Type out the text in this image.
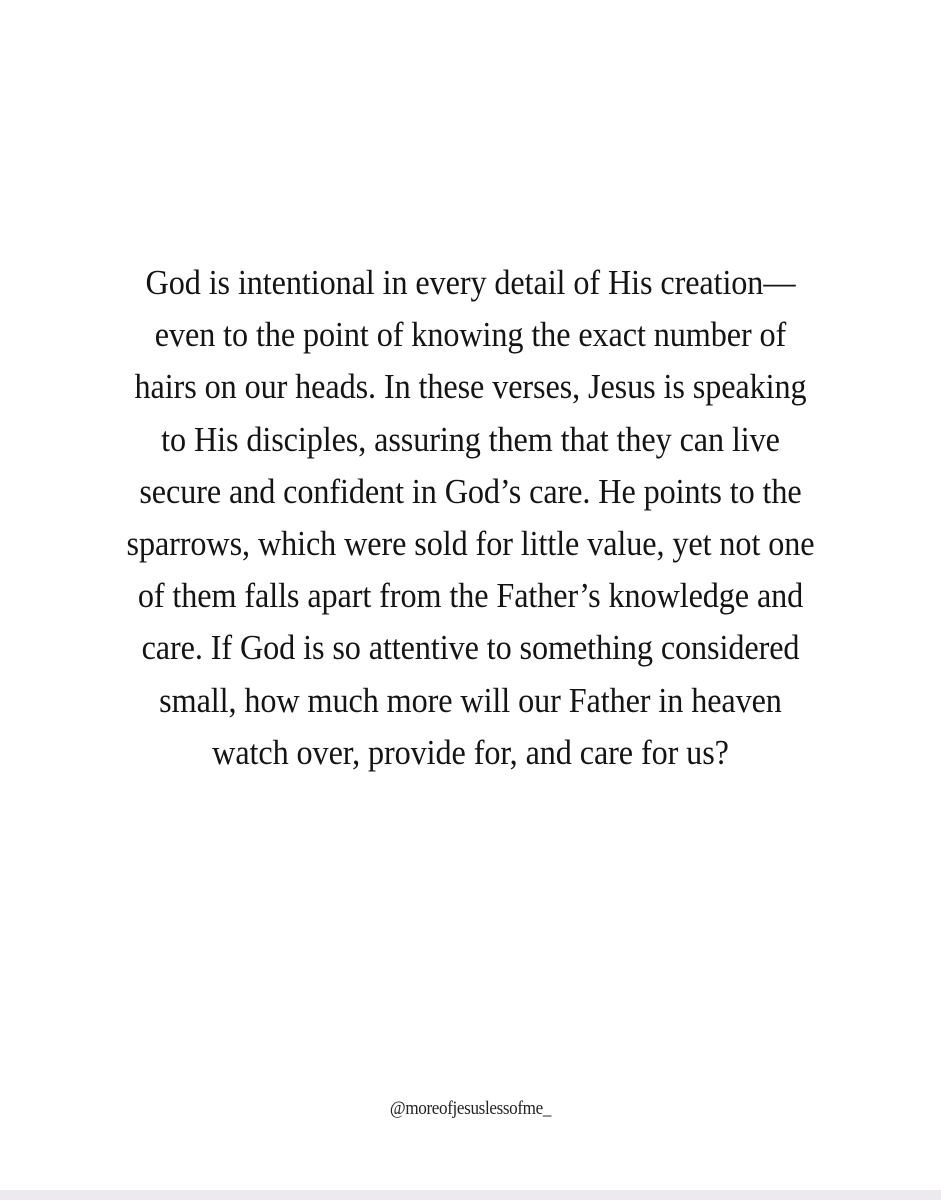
God is intentional in every detail of His creation—
even to the point of knowing the exact number of
hairs on our heads. In these verses, Jesus is speaking
to His disciples, assuring them that they can live
secure and confident in God’s care. He points to the
sparrows, which were sold for little value, yet not one
of them falls apart from the Father’s knowledge and
care. If God is so attentive to something considered
small, how much more will our Father in heaven
watch over, provide for, and care for us?
@moreofjesuslessofme_
